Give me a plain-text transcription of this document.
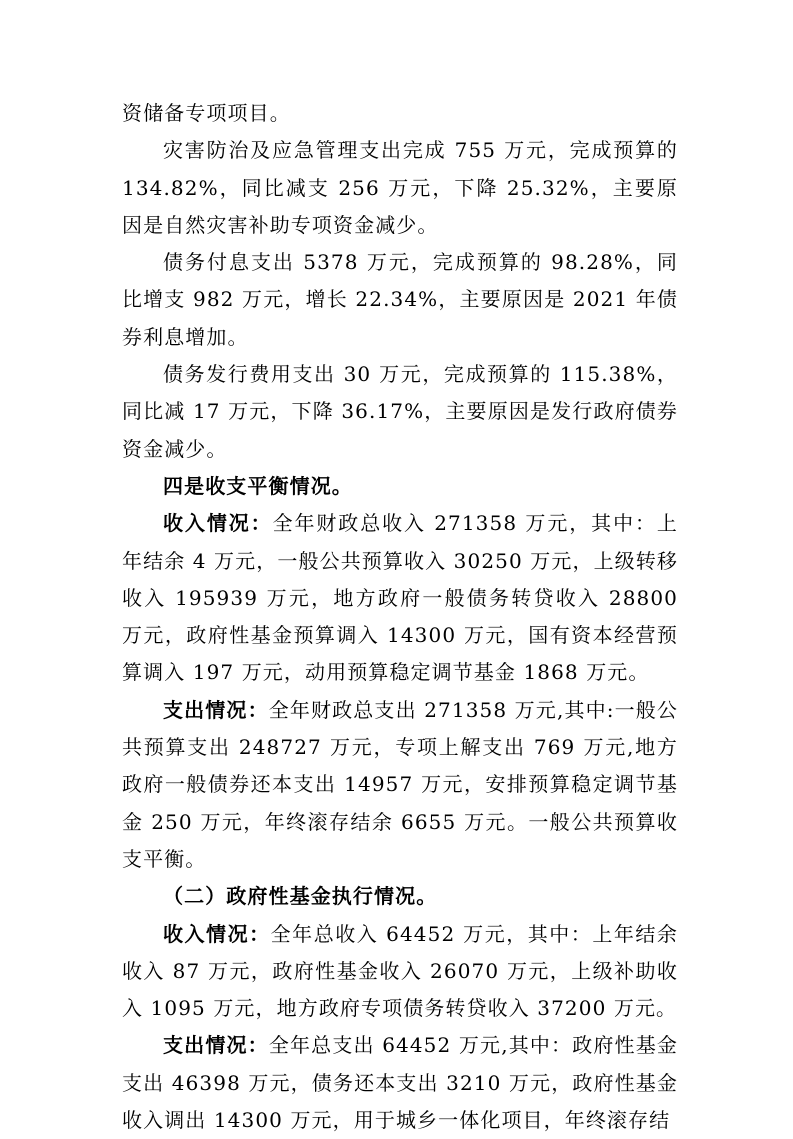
资储备专项项目。

灾害防治及应急管理支出完成 755 万元，完成预算的 134.82%，同比减支 256 万元，下降 25.32%，主要原因是自然灾害补助专项资金减少。

债务付息支出 5378 万元，完成预算的 98.28%，同比增支 982 万元，增长 22.34%，主要原因是 2021 年债券利息增加。

债务发行费用支出 30 万元，完成预算的 115.38%，同比减 17 万元，下降 36.17%，主要原因是发行政府债券资金减少。

四是收支平衡情况。

收入情况：全年财政总收入 271358 万元，其中：上年结余 4 万元，一般公共预算收入 30250 万元，上级转移收入 195939 万元，地方政府一般债务转贷收入 28800 万元，政府性基金预算调入 14300 万元，国有资本经营预算调入 197 万元，动用预算稳定调节基金 1868 万元。

支出情况：全年财政总支出 271358 万元,其中:一般公共预算支出 248727 万元，专项上解支出 769 万元,地方政府一般债券还本支出 14957 万元，安排预算稳定调节基金 250 万元，年终滚存结余 6655 万元。一般公共预算收支平衡。

（二）政府性基金执行情况。

收入情况：全年总收入 64452 万元，其中：上年结余收入 87 万元，政府性基金收入 26070 万元，上级补助收入 1095 万元，地方政府专项债务转贷收入 37200 万元。

支出情况：全年总支出 64452 万元,其中：政府性基金支出 46398 万元，债务还本支出 3210 万元，政府性基金收入调出 14300 万元，用于城乡一体化项目，年终滚存结
